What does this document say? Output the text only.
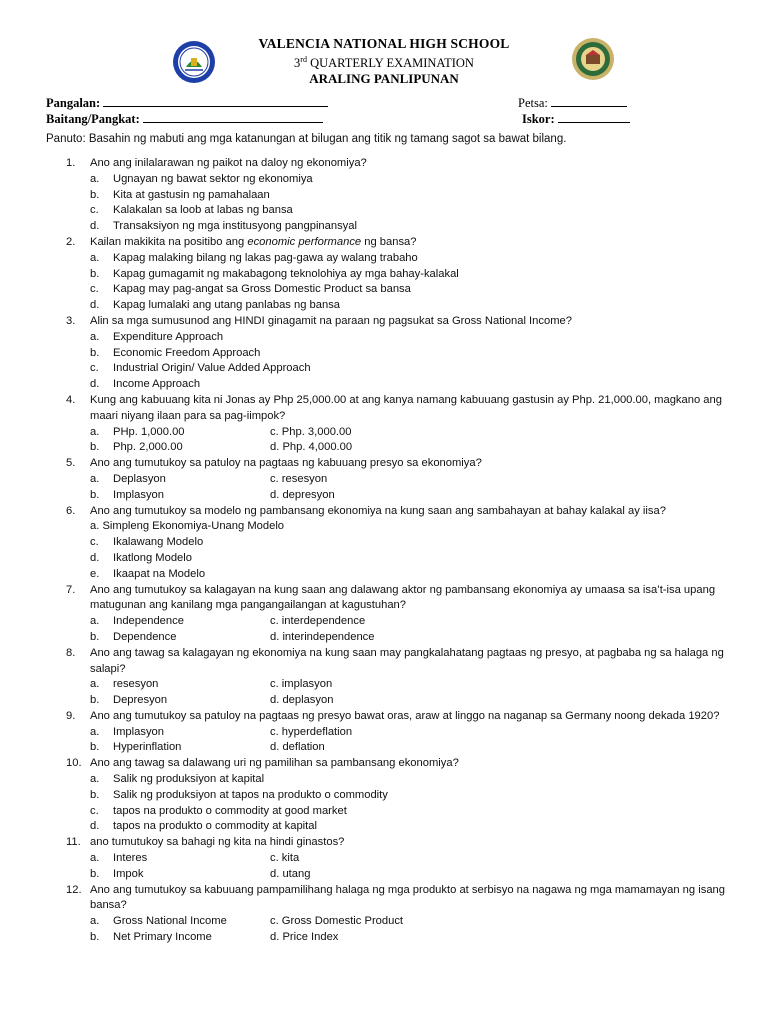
VALENCIA NATIONAL HIGH SCHOOL
3rd QUARTERLY EXAMINATION
ARALING PANLIPUNAN
Pangalan:
Baitang/Pangkat:
Petsa:
Iskor:
Panuto: Basahin ng mabuti ang mga katanungan at bilugan ang titik ng tamang sagot sa bawat bilang.
1. Ano ang inilalarawan ng paikot na daloy ng ekonomiya?
a. Ugnayan ng bawat sektor ng ekonomiya
b. Kita at gastusin ng pamahalaan
c. Kalakalan sa loob at labas ng bansa
d. Transaksiyon ng mga institusyong pangpinansyal
2. Kailan makikita na positibo ang economic performance ng bansa?
a. Kapag malaking bilang ng lakas pag-gawa ay walang trabaho
b. Kapag gumagamit ng makabagong teknolohiya ay mga bahay-kalakal
c. Kapag may pag-angat sa Gross Domestic Product sa bansa
d. Kapag lumalaki ang utang panlabas ng bansa
3. Alin sa mga sumusunod ang HINDI ginagamit na paraan ng pagsukat sa Gross National Income?
a. Expenditure Approach
b. Economic Freedom Approach
c. Industrial Origin/ Value Added Approach
d. Income Approach
4. Kung ang kabuuang kita ni Jonas ay Php 25,000.00 at ang kanya namang kabuuang gastusin ay Php. 21,000.00, magkano ang maari niyang ilaan para sa pag-iimpok?
a. PHp. 1,000.00	c. Php. 3,000.00
b. Php. 2,000.00	d. Php. 4,000.00
5. Ano ang tumutukoy sa patuloy na pagtaas ng kabuuang presyo sa ekonomiya?
a. Deplasyon	c. resesyon
b. Implasyon	d. depresyon
6. Ano ang tumutukoy sa modelo ng pambansang ekonomiya na kung saan ang sambahayan at bahay kalakal ay iisa?
a. Simpleng Ekonomiya-Unang Modelo
c. Ikalawang Modelo
d. Ikatlong Modelo
e. Ikaapat na Modelo
7. Ano ang tumutukoy sa kalagayan na kung saan ang dalawang aktor ng pambansang ekonomiya ay umaasa sa isa’t-isa upang matugunan ang kanilang mga pangangailangan at kagustuhan?
a. Independence	c. interdependence
b. Dependence	d. interindependence
8. Ano ang tawag sa kalagayan ng ekonomiya na kung saan may pangkalahatang pagtaas ng presyo, at pagbaba ng sa halaga ng salapi?
a. resesyon	c. implasyon
b. Depresyon	d. deplasyon
9. Ano ang tumutukoy sa patuloy na pagtaas ng presyo bawat oras, araw at linggo na naganap sa Germany noong dekada 1920?
a. Implasyon	c. hyperdeflation
b. Hyperinflation	d. deflation
10. Ano ang tawag sa dalawang uri ng pamilihan sa pambansang ekonomiya?
a. Salik ng produksiyon at kapital
b. Salik ng produksiyon at tapos na produkto o commodity
c. tapos na produkto o commodity at good market
d. tapos na produkto o commodity at kapital
11. ano tumutukoy sa bahagi ng kita na hindi ginastos?
a. Interes	c. kita
b. Impok	d. utang
12. Ano ang tumutukoy sa kabuuang pampamilihang halaga ng mga produkto at serbisyo na nagawa ng mga mamamayan ng isang bansa?
a. Gross National Income	c. Gross Domestic Product
b. Net Primary Income	d. Price Index
